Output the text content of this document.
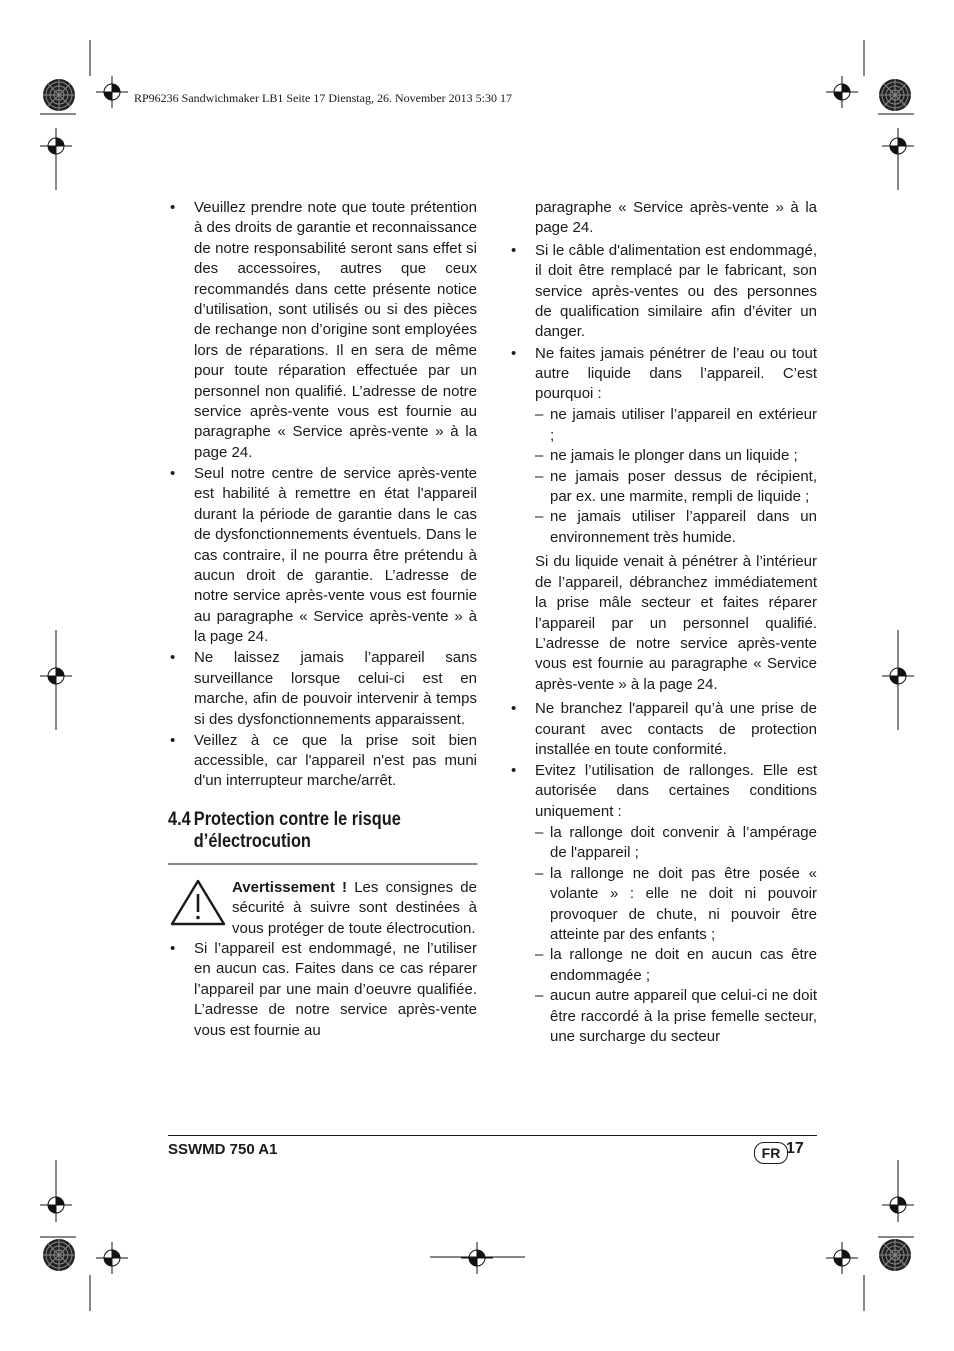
RP96236 Sandwichmaker LB1 Seite 17 Dienstag, 26. November 2013 5:30 17
• Veuillez prendre note que toute prétention à des droits de garantie et reconnaissance de notre responsabilité seront sans effet si des accessoires, autres que ceux recommandés dans cette présente notice d’utilisation, sont utilisés ou si des pièces de rechange non d’origine sont employées lors de réparations. Il en sera de même pour toute réparation effectuée par un personnel non qualifié. L’adresse de notre service après-vente vous est fournie au paragraphe « Service après-vente » à la page 24.
• Seul notre centre de service après-vente est habilité à remettre en état l'appareil durant la période de garantie dans le cas de dysfonctionnements éventuels. Dans le cas contraire, il ne pourra être prétendu à aucun droit de garantie. L’adresse de notre service après-vente vous est fournie au paragraphe « Service après-vente » à la page 24.
• Ne laissez jamais l’appareil sans surveillance lorsque celui-ci est en marche, afin de pouvoir intervenir à temps si des dysfonctionnements apparaissent.
• Veillez à ce que la prise soit bien accessible, car l'appareil n'est pas muni d'un interrupteur marche/arrêt.
4.4 Protection contre le risque
d’électrocution
Avertissement ! Les consignes de sécurité à suivre sont destinées à vous protéger de toute électrocution.
• Si l’appareil est endommagé, ne l’utiliser en aucun cas. Faites dans ce cas réparer l’appareil par une main d’oeuvre qualifiée. L’adresse de notre service après-vente vous est fournie au
paragraphe « Service après-vente » à la page 24.
• Si le câble d'alimentation est endommagé, il doit être remplacé par le fabricant, son service après-ventes ou des personnes de qualification similaire afin d’éviter un danger.
• Ne faites jamais pénétrer de l’eau ou tout autre liquide dans l’appareil. C’est pourquoi :
– ne jamais utiliser l’appareil en extérieur ;
– ne jamais le plonger dans un liquide ;
– ne jamais poser dessus de récipient, par ex. une marmite, rempli de liquide ;
– ne jamais utiliser l’appareil dans un environnement très humide.
Si du liquide venait à pénétrer à l’intérieur de l’appareil, débranchez immédiatement la prise mâle secteur et faites réparer l’appareil par un personnel qualifié. L’adresse de notre service après-vente vous est fournie au paragraphe « Service après-vente » à la page 24.
• Ne branchez l'appareil qu’à une prise de courant avec contacts de protection installée en toute conformité.
• Evitez l’utilisation de rallonges. Elle est autorisée dans certaines conditions uniquement :
– la rallonge doit convenir à l’ampérage de l'appareil ;
– la rallonge ne doit pas être posée « volante » : elle ne doit ni pouvoir provoquer de chute, ni pouvoir être atteinte par des enfants ;
– la rallonge ne doit en aucun cas être endommagée ;
– aucun autre appareil que celui-ci ne doit être raccordé à la prise femelle secteur, une surcharge du secteur
SSWMD 750 A1	FR 17
